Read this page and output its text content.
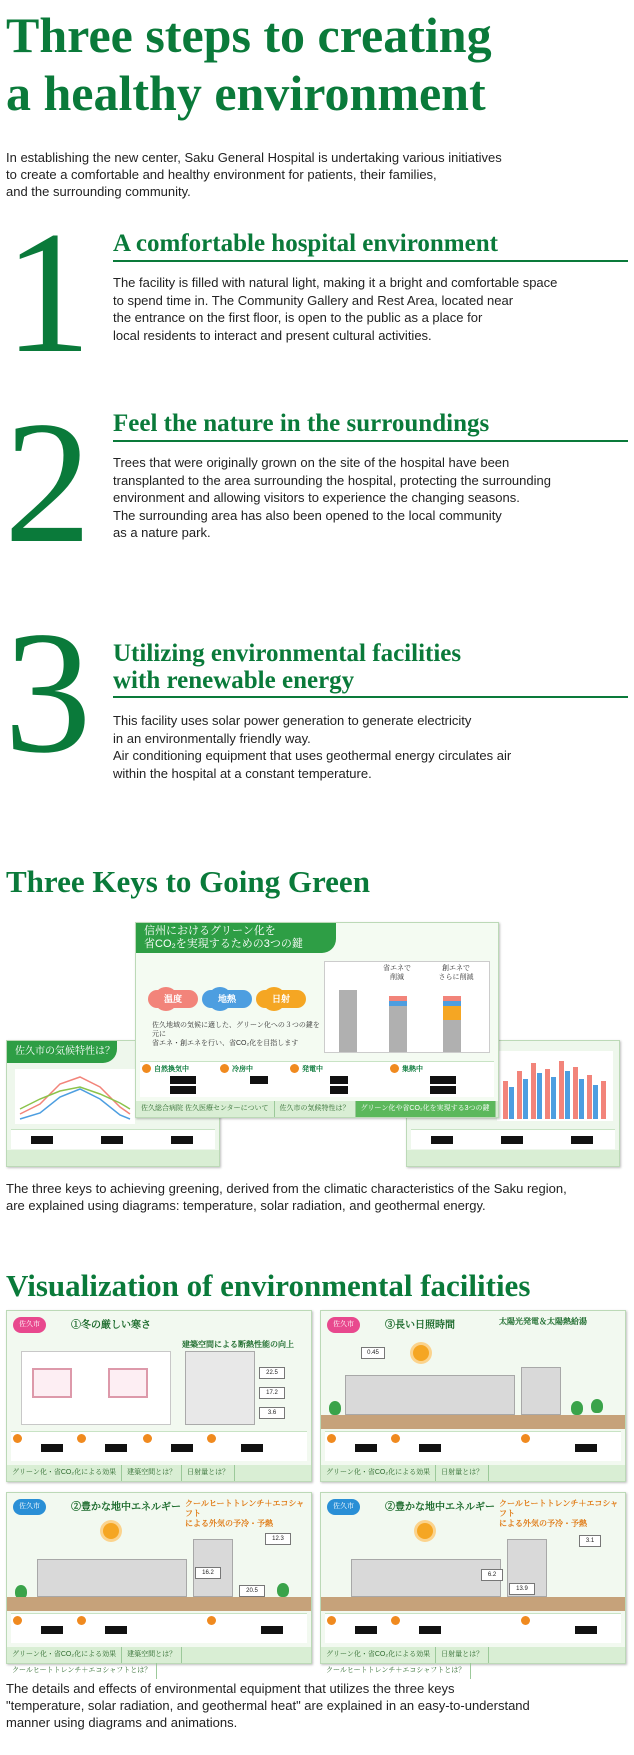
Three steps to creating
a healthy environment
In establishing the new center, Saku General Hospital is undertaking various initiatives
to create a comfortable and healthy environment for patients, their families,
and the surrounding community.
1 A comfortable hospital environment
The facility is filled with natural light, making it a bright and comfortable space
to spend time in. The Community Gallery and Rest Area, located near
the entrance on the first floor, is open to the public as a place for
local residents to interact and present cultural activities.
2 Feel the nature in the surroundings
Trees that were originally grown on the site of the hospital have been
transplanted to the area surrounding the hospital, protecting the surrounding
environment and allowing visitors to experience the changing seasons.
The surrounding area has also been opened to the local community
as a nature park.
3 Utilizing environmental facilities
with renewable energy
This facility uses solar power generation to generate electricity
in an environmentally friendly way.
Air conditioning equipment that uses geothermal energy circulates air
within the hospital at a constant temperature.
Three Keys to Going Green
佐久市の気候特性は？
信州におけるグリーン化を
省CO₂を実現するための3つの鍵
温度	地熱	日射
佐久地域の気候に適した、グリーン化への３つの鍵を元に
省エネ・創エネを行い、省CO₂化を目指します
省エネで
削減
創エネで
さらに削減
自然換気中	冷房中	発電中	集熱中
佐久総合病院 佐久医療センターについて	佐久市の気候特性は？	グリーン化や省CO₂化を実現する3つの鍵
The three keys to achieving greening, derived from the climatic characteristics of the Saku region,
are explained using diagrams: temperature, solar radiation, and geothermal energy.
Visualization of environmental facilities
佐久市	①冬の厳しい寒さ
建築空間による断熱性能の向上
22.5
17.2
3.6
グリーン化・省CO₂化による効果	建築空間とは？	日射量とは？
佐久市	③長い日照時間	太陽光発電＆太陽熱給湯
0.45
グリーン化・省CO₂化による効果	日射量とは？
佐久市	②豊かな地中エネルギー クールヒートトレンチ＋エコシャフト
による外気の予冷・予熱
12.3
16.2
20.5
グリーン化・省CO₂化による効果	建築空間とは？
クールヒートトレンチ＋エコシャフトとは？
佐久市	②豊かな地中エネルギー クールヒートトレンチ＋エコシャフト
による外気の予冷・予熱
3.1
13.9
6.2
グリーン化・省CO₂化による効果	日射量とは？
クールヒートトレンチ＋エコシャフトとは？
The details and effects of environmental equipment that utilizes the three keys
"temperature, solar radiation, and geothermal heat" are explained in an easy-to-understand
manner using diagrams and animations.
